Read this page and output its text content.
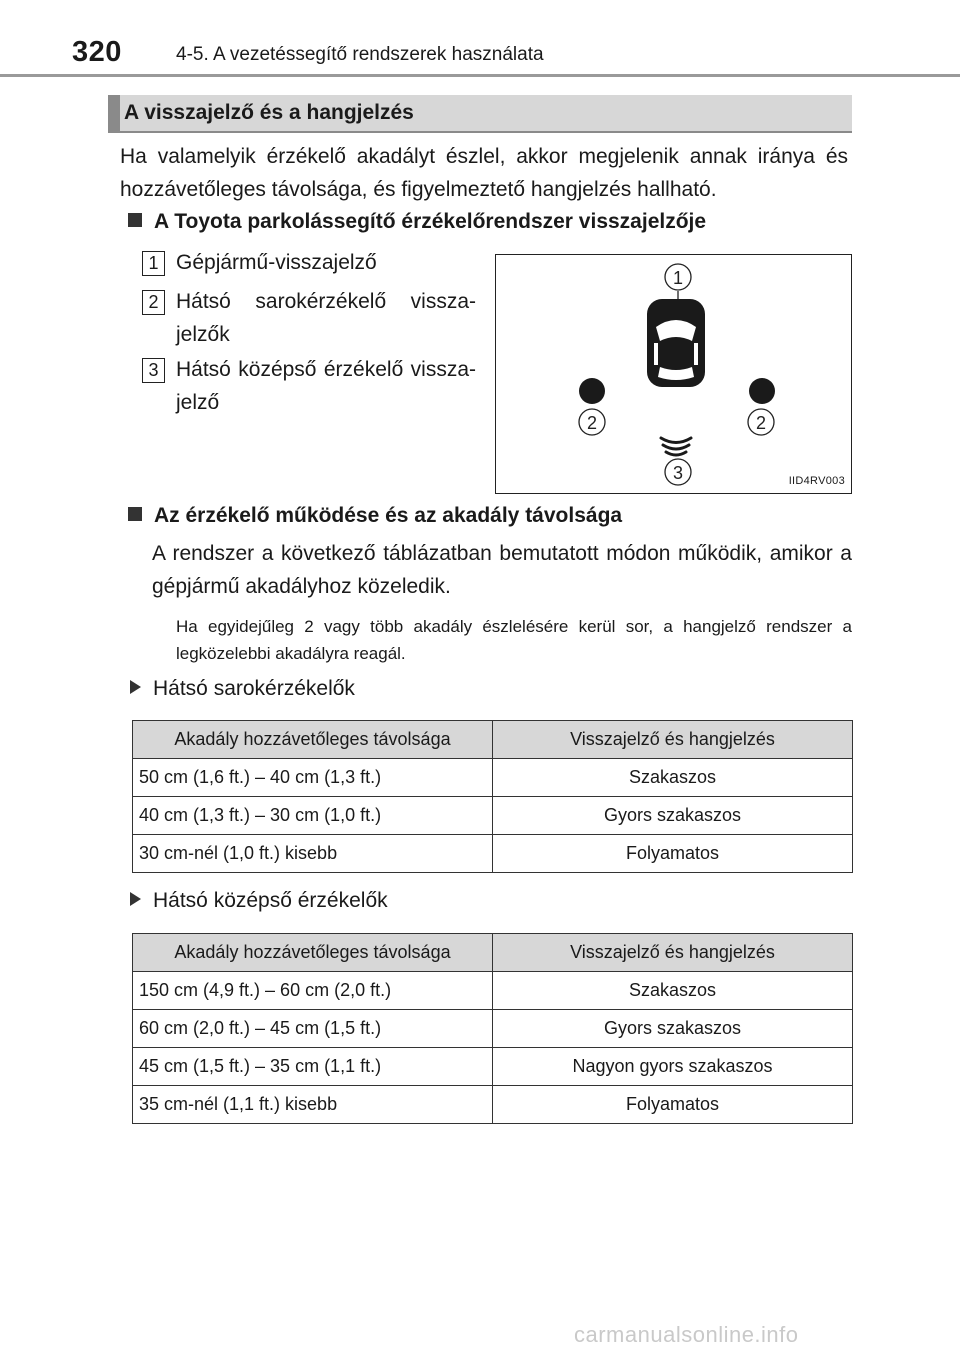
320	4-5. A vezetéssegítő rendszerek használata
A visszajelző és a hangjelzés
Ha valamelyik érzékelő akadályt észlel, akkor megjelenik annak iránya és hozzávetőleges távolsága, és figyelmeztető hangjelzés hallható.
A Toyota parkolássegítő érzékelőrendszer visszajelzője
1 Gépjármű-visszajelző
2 Hátsó sarokérzékelő vissza-jelzők
3 Hátsó középső érzékelő vissza-jelző
1
2	2
3	IID4RV003
Az érzékelő működése és az akadály távolsága
A rendszer a következő táblázatban bemutatott módon működik, amikor a gépjármű akadályhoz közeledik.
Ha egyidejűleg 2 vagy több akadály észlelésére kerül sor, a hangjelző rendszer a legközelebbi akadályra reagál.
Hátsó sarokérzékelők
Akadály hozzávetőleges távolsága	Visszajelző és hangjelzés
50 cm (1,6 ft.) – 40 cm (1,3 ft.)	Szakaszos
40 cm (1,3 ft.) – 30 cm (1,0 ft.)	Gyors szakaszos
30 cm-nél (1,0 ft.) kisebb	Folyamatos
Hátsó középső érzékelők
Akadály hozzávetőleges távolsága	Visszajelző és hangjelzés
150 cm (4,9 ft.) – 60 cm (2,0 ft.)	Szakaszos
60 cm (2,0 ft.) – 45 cm (1,5 ft.)	Gyors szakaszos
45 cm (1,5 ft.) – 35 cm (1,1 ft.)	Nagyon gyors szakaszos
35 cm-nél (1,1 ft.) kisebb	Folyamatos
carmanualsonline.info
